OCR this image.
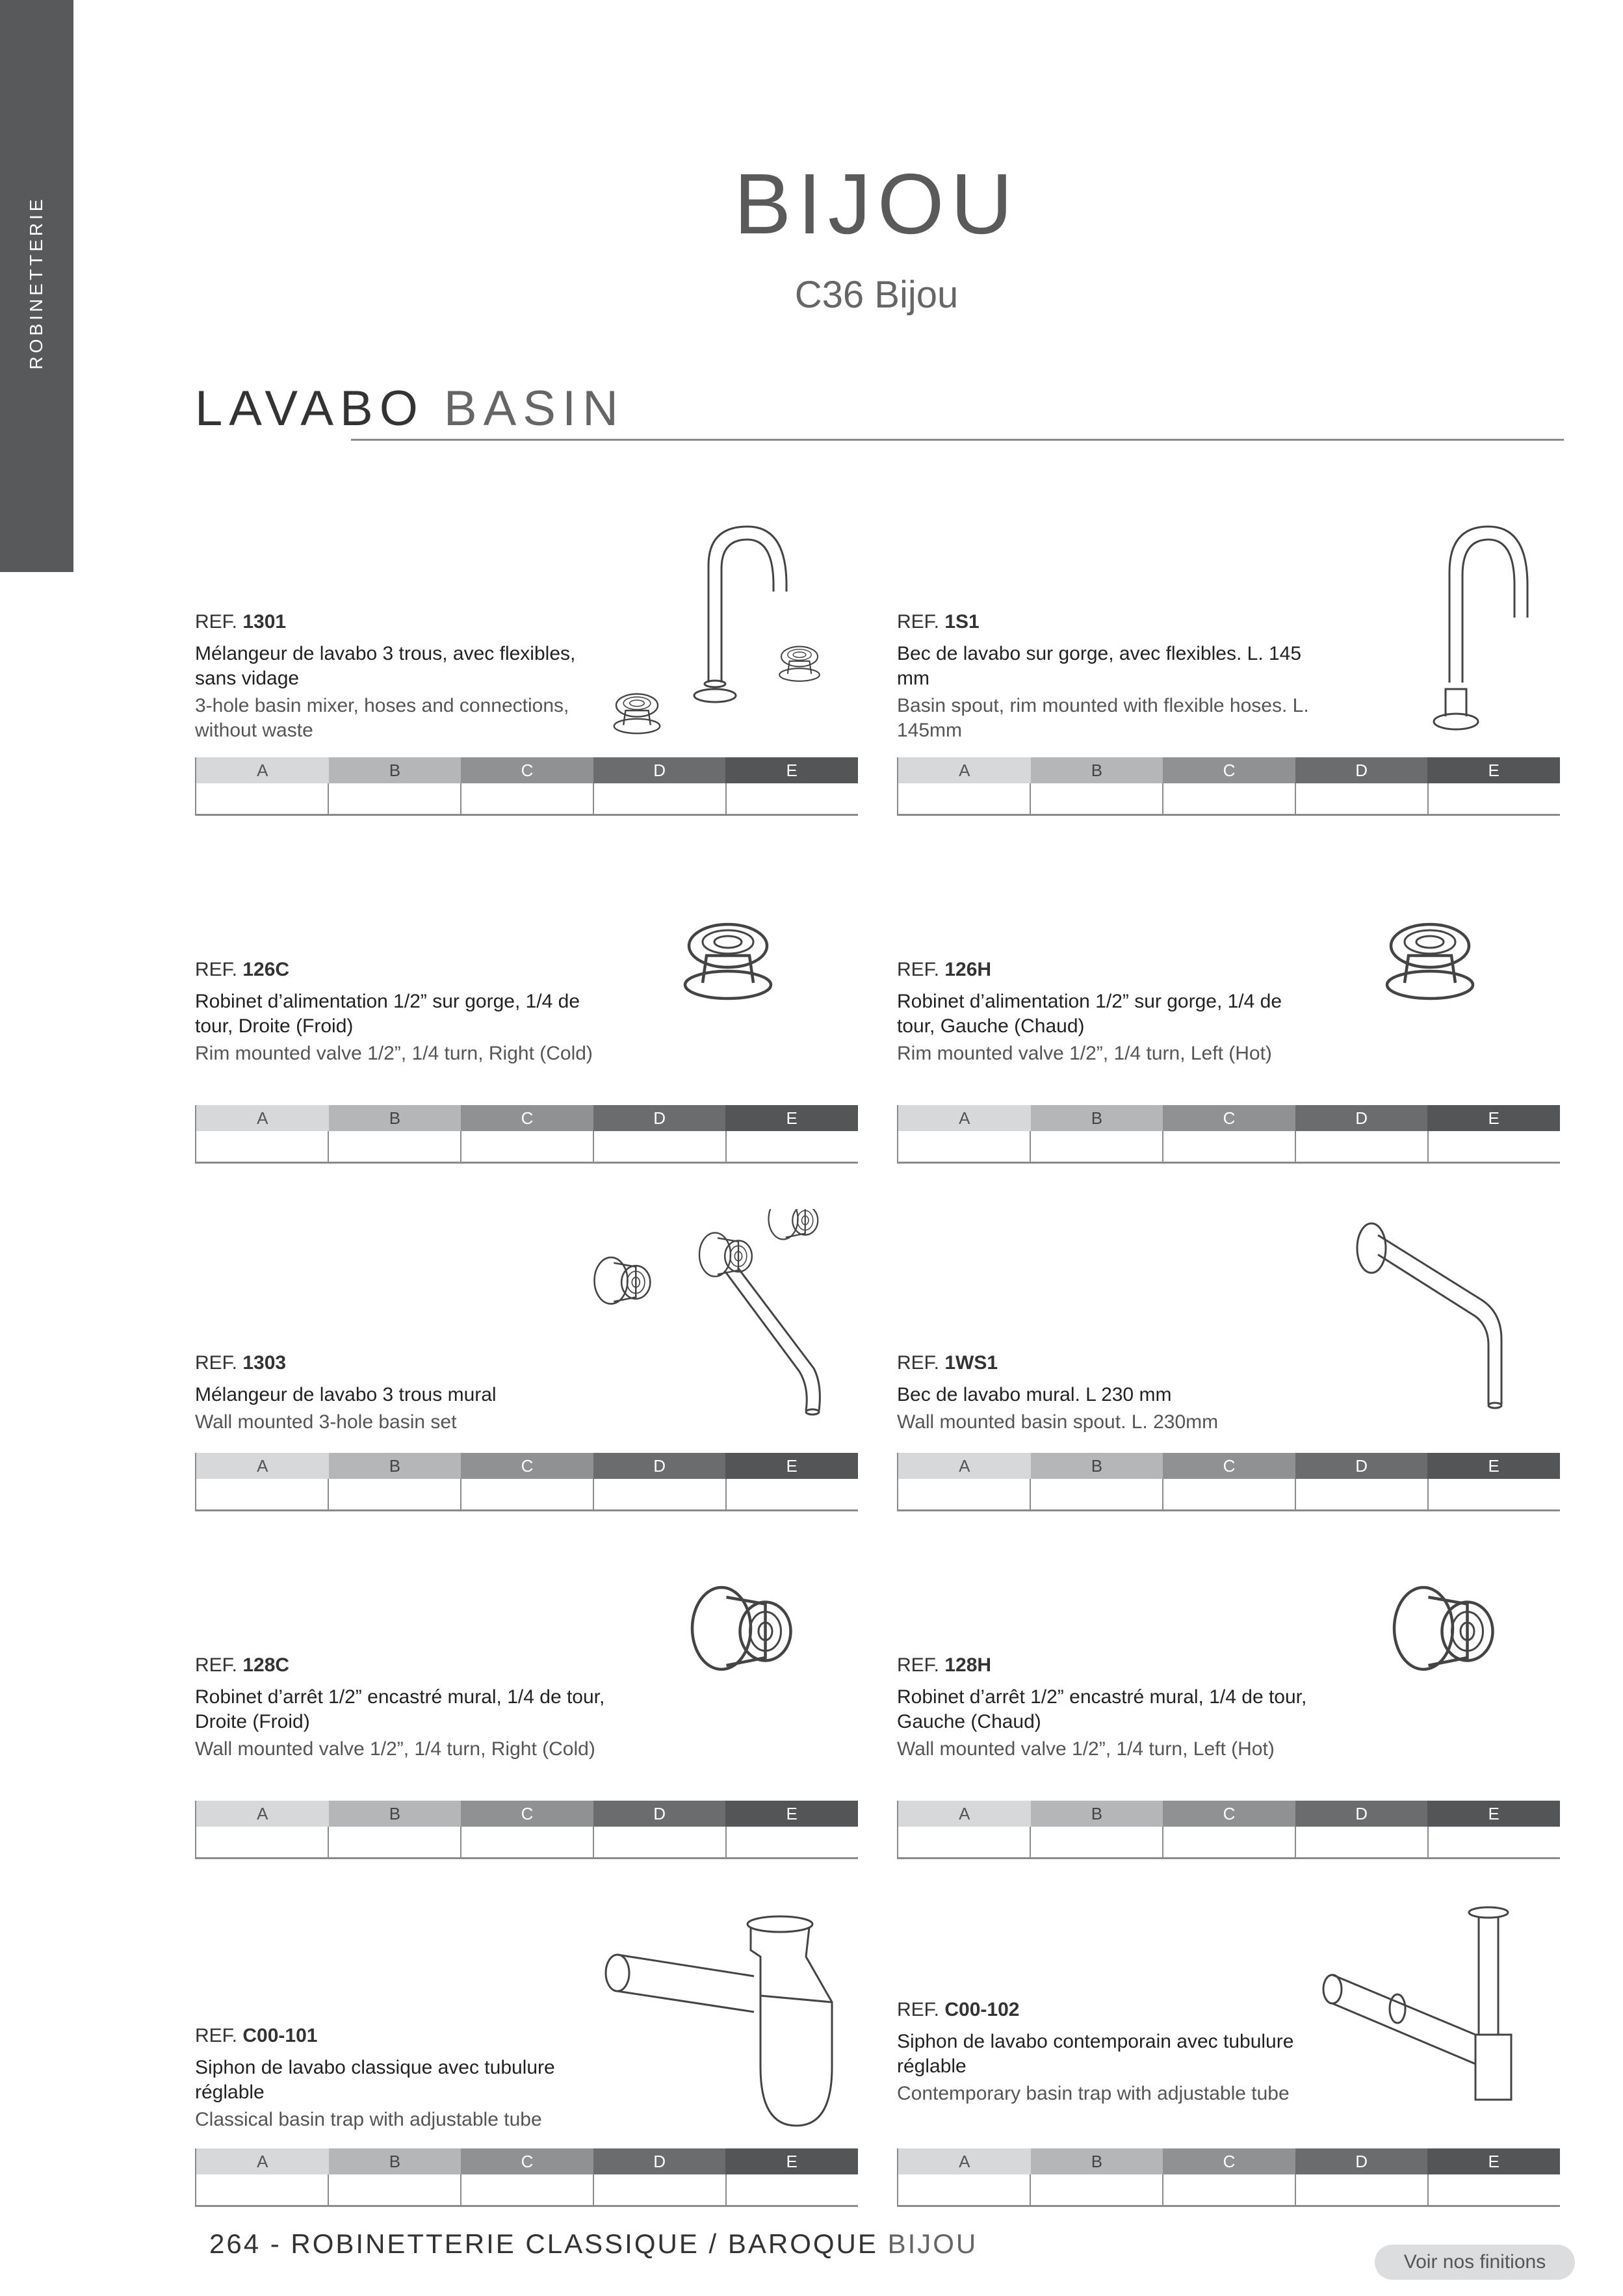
ROBINETTERIE	BIJOU
C36 Bijou
LAVABO BASIN
REF. 1301
Mélangeur de lavabo 3 trous, avec flexibles, sans vidage
3-hole basin mixer, hoses and connections, without waste
A	B	C	D	E
REF. 1S1
Bec de lavabo sur gorge, avec flexibles. L. 145 mm
Basin spout, rim mounted with flexible hoses. L. 145mm
A	B	C	D	E
REF. 126C
Robinet d’alimentation 1/2” sur gorge, 1/4 de tour, Droite (Froid)
Rim mounted valve 1/2”, 1/4 turn, Right (Cold)
A	B	C	D	E
REF. 126H
Robinet d’alimentation 1/2” sur gorge, 1/4 de tour, Gauche (Chaud)
Rim mounted valve 1/2”, 1/4 turn, Left (Hot)
A	B	C	D	E
REF. 1303
Mélangeur de lavabo 3 trous mural
Wall mounted 3-hole basin set
A	B	C	D	E
REF. 1WS1
Bec de lavabo mural. L 230 mm
Wall mounted basin spout. L. 230mm
A	B	C	D	E
REF. 128C
Robinet d’arrêt 1/2” encastré mural, 1/4 de tour, Droite (Froid)
Wall mounted valve 1/2”, 1/4 turn, Right (Cold)
A	B	C	D	E
REF. 128H
Robinet d’arrêt 1/2” encastré mural, 1/4 de tour, Gauche (Chaud)
Wall mounted valve 1/2”, 1/4 turn, Left (Hot)
A	B	C	D	E
REF. C00-101
Siphon de lavabo classique avec tubulure réglable
Classical basin trap with adjustable tube
A	B	C	D	E
REF. C00-102
Siphon de lavabo contemporain avec tubulure réglable
Contemporary basin trap with adjustable tube
A	B	C	D	E
264 - ROBINETTERIE CLASSIQUE / BAROQUE BIJOU
Voir nos finitions
